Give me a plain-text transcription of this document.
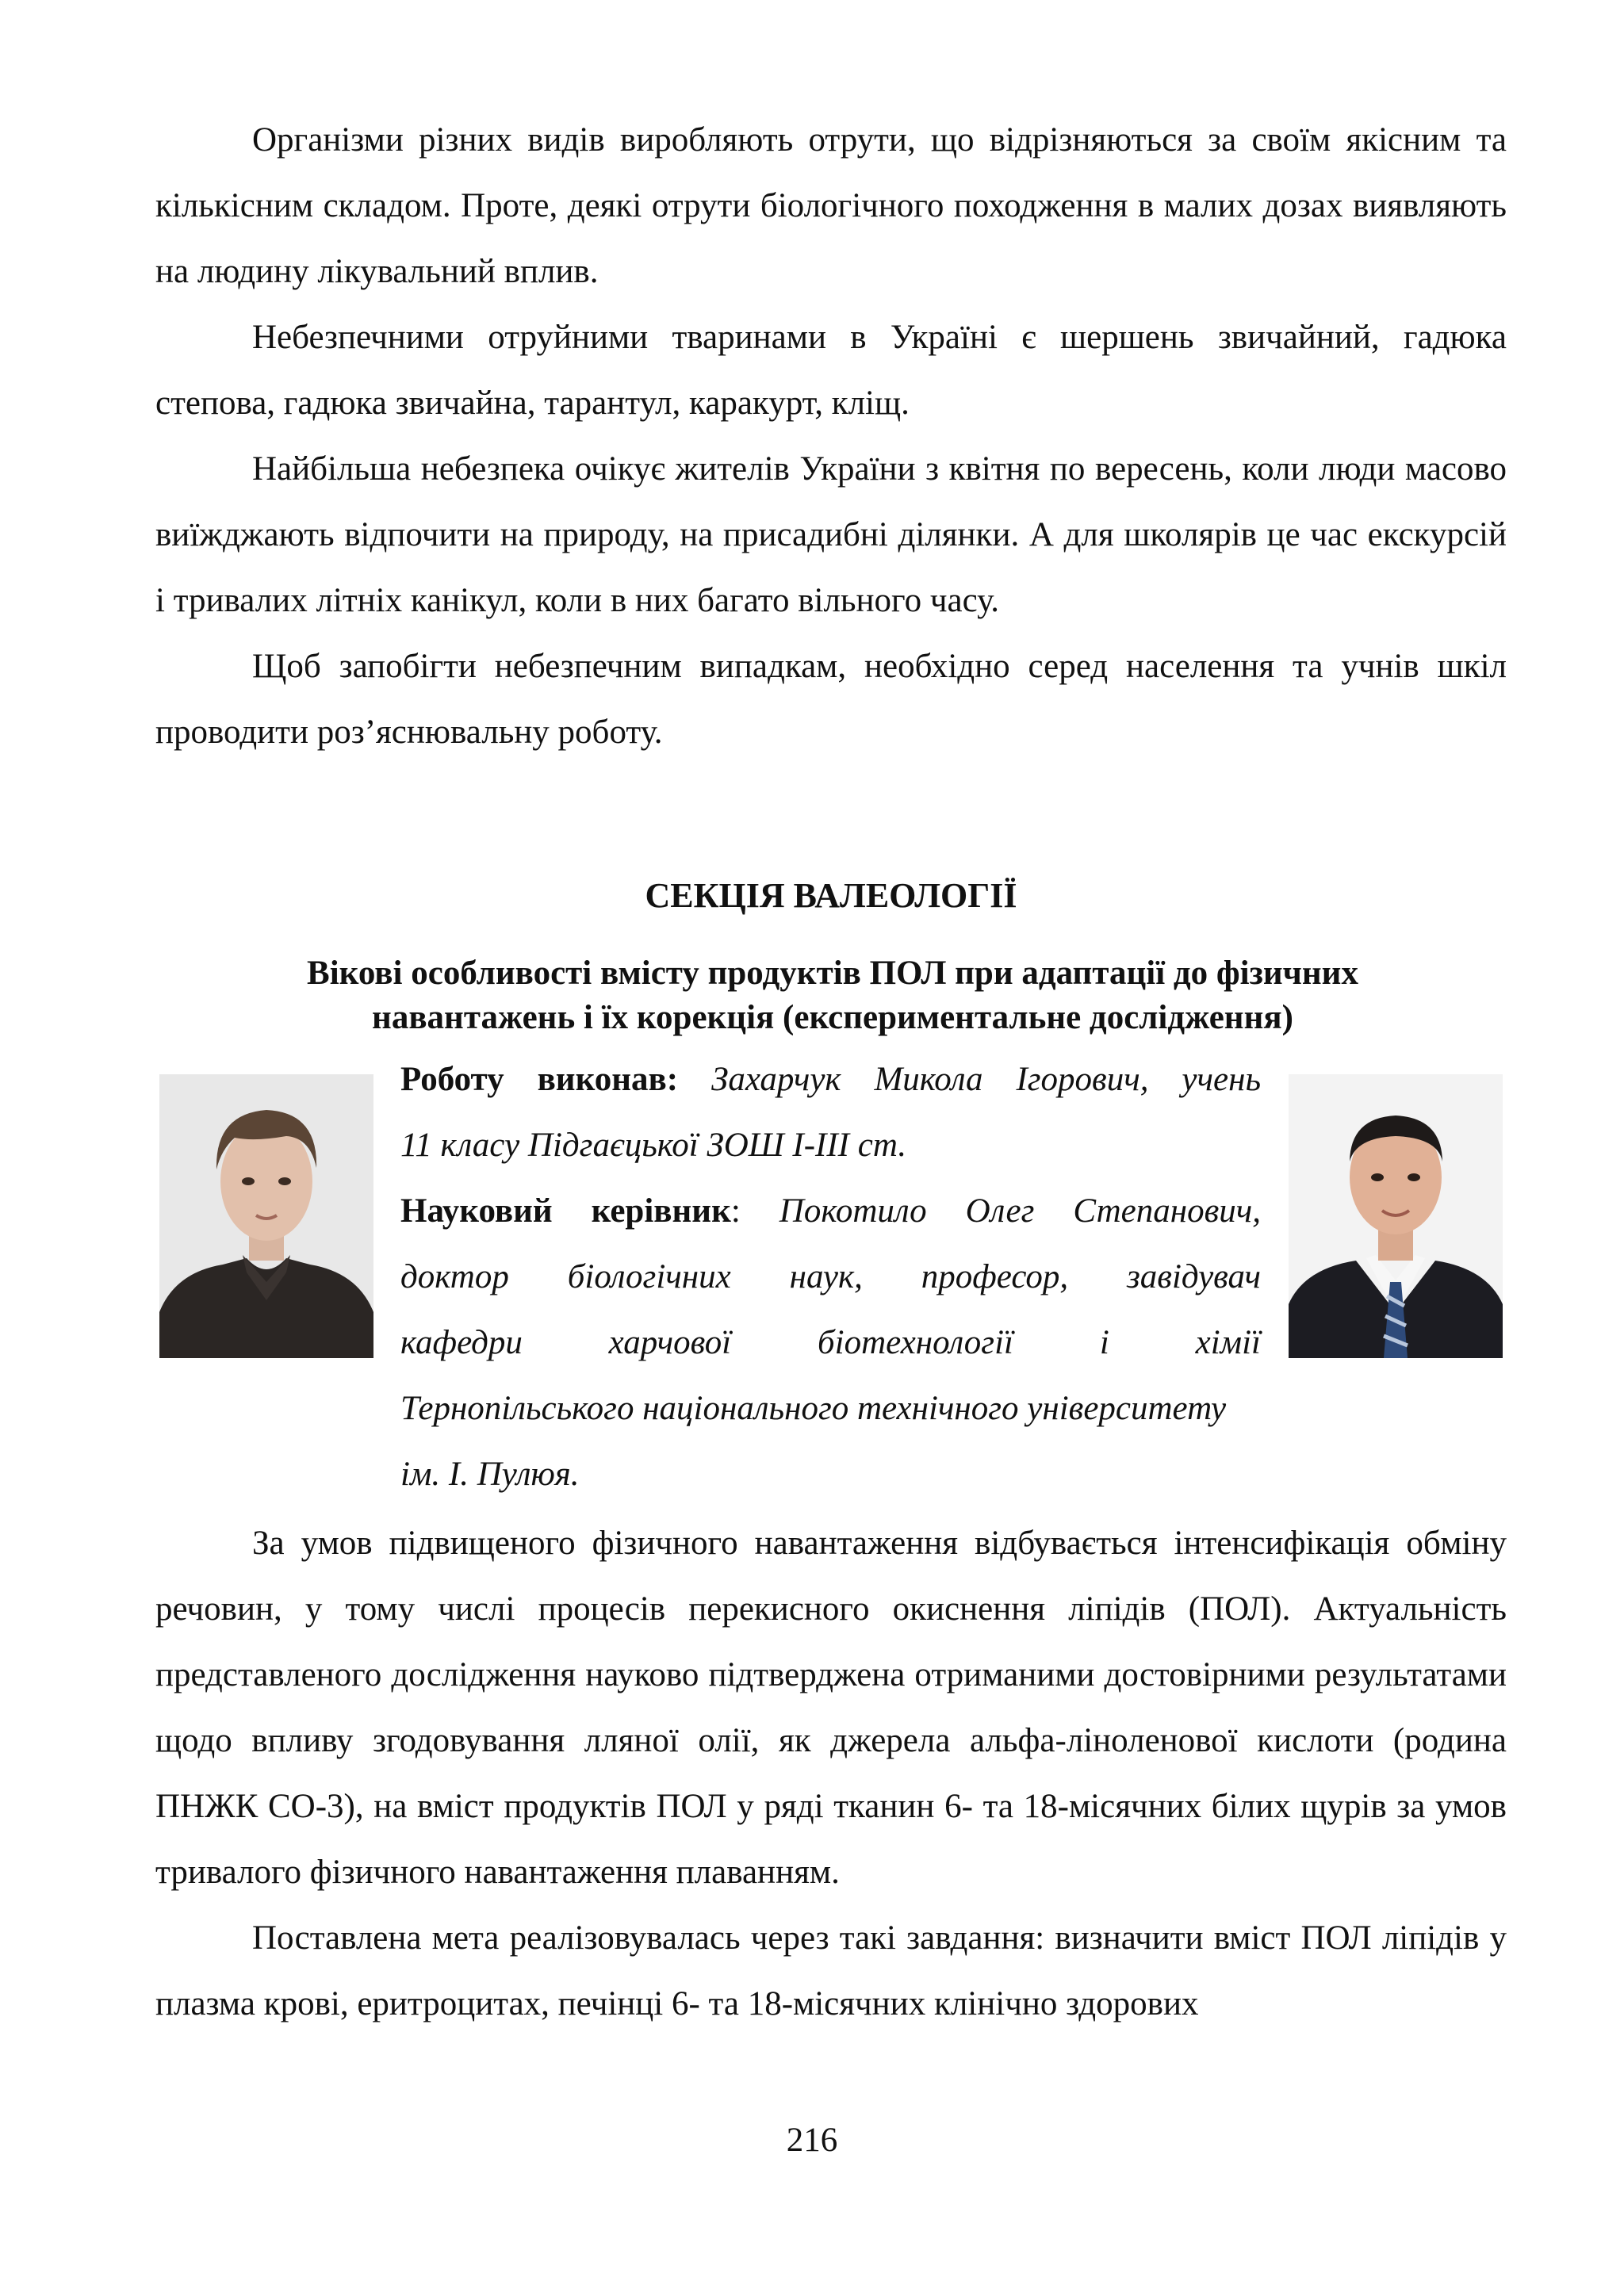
Організми різних видів виробляють отрути, що відрізняються за своїм якісним та кількісним складом. Проте, деякі отрути біологічного походження в малих дозах виявляють на людину лікувальний вплив.

Небезпечними отруйними тваринами в Україні є шершень звичайний, гадюка степова, гадюка звичайна, тарантул, каракурт, кліщ.

Найбільша небезпека очікує жителів України з квітня по вересень, коли люди масово виїжджають відпочити на природу, на присадибні ділянки. А для школярів це час екскурсій і тривалих літніх канікул, коли в них багато вільного часу.

Щоб запобігти небезпечним випадкам, необхідно серед населення та учнів шкіл проводити роз’яснювальну роботу.

СЕКЦІЯ ВАЛЕОЛОГІЇ
Вікові особливості вмісту продуктів ПОЛ при адаптації до фізичних
навантажень і їх корекція (експериментальне дослідження)
Роботу виконав: Захарчук Микола Ігорович, учень
11 класу Підгаєцької ЗОШ І-ІІІ ст.
Науковий керівник: Покотило Олег Степанович,
доктор біологічних наук, професор, завідувач
кафедри харчової біотехнології і хімії
Тернопільського національного технічного університету
ім. І. Пулюя.

За умов підвищеного фізичного навантаження відбувається інтенсифікація обміну речовин, у тому числі процесів перекисного окиснення ліпідів (ПОЛ). Актуальність представленого дослідження науково підтверджена отриманими достовірними результатами щодо впливу згодовування лляної олії, як джерела альфа-ліноленової кислоти (родина ПНЖК СО-3), на вміст продуктів ПОЛ у ряді тканин 6- та 18-місячних білих щурів за умов тривалого фізичного навантаження плаванням.

Поставлена мета реалізовувалась через такі завдання: визначити вміст ПОЛ ліпідів у плазма крові, еритроцитах, печінці 6- та 18-місячних клінічно здорових

216
